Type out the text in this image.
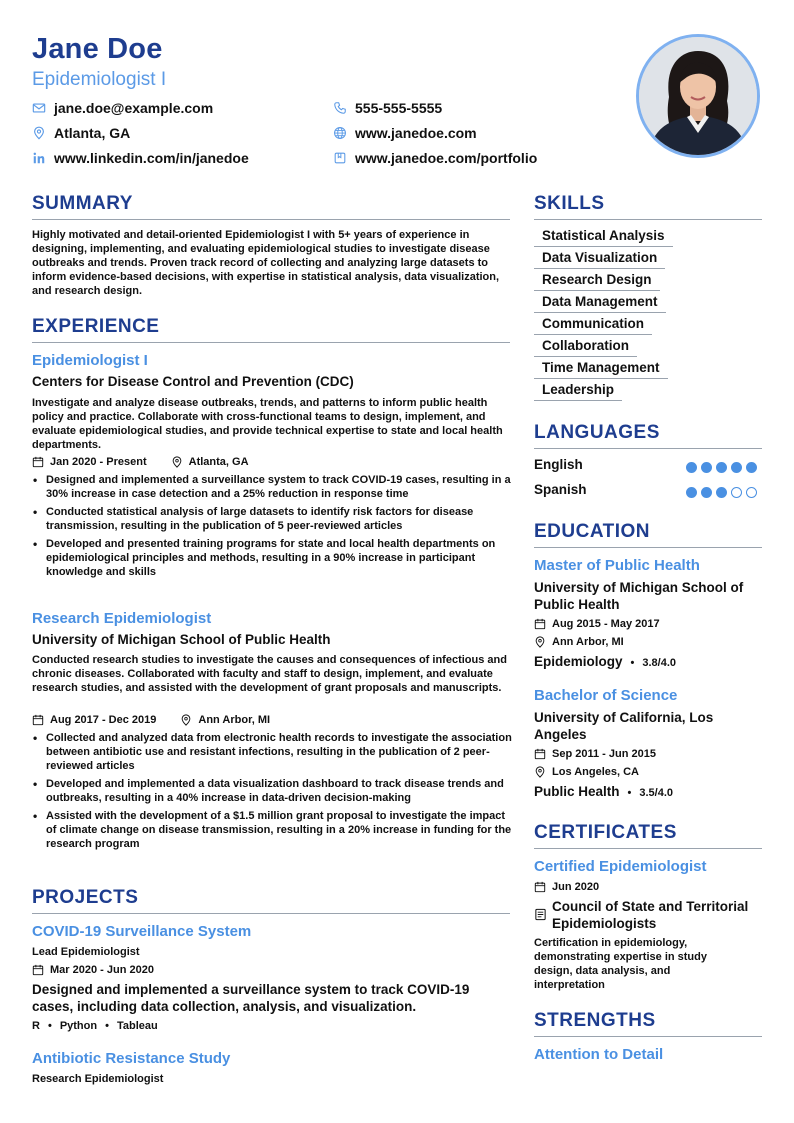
Jane Doe
Epidemiologist I
jane.doe@example.com	555-555-5555
Atlanta, GA	www.janedoe.com
www.linkedin.com/in/janedoe	www.janedoe.com/portfolio
SUMMARY

Highly motivated and detail-oriented Epidemiologist I with 5+ years of experience in designing, implementing, and evaluating epidemiological studies to investigate disease outbreaks and trends. Proven track record of collecting and analyzing large datasets to inform evidence-based decisions, with expertise in statistical analysis, data visualization, and research design.

EXPERIENCE
Epidemiologist I
Centers for Disease Control and Prevention (CDC)

Investigate and analyze disease outbreaks, trends, and patterns to inform public health policy and practice. Collaborate with cross-functional teams to design, implement, and evaluate epidemiological studies, and provide technical expertise to state and local health departments.

Jan 2020 - Present	Atlanta, GA
• Designed and implemented a surveillance system to track COVID-19 cases, resulting in a 30% increase in case detection and a 25% reduction in response time
• Conducted statistical analysis of large datasets to identify risk factors for disease transmission, resulting in the publication of 5 peer-reviewed articles
• Developed and presented training programs for state and local health departments on epidemiological principles and methods, resulting in a 90% increase in participant knowledge and skills
Research Epidemiologist
University of Michigan School of Public Health

Conducted research studies to investigate the causes and consequences of infectious and chronic diseases. Collaborated with faculty and staff to design, implement, and evaluate research studies, and assisted with the development of grant proposals and manuscripts.

Aug 2017 - Dec 2019	Ann Arbor, MI
• Collected and analyzed data from electronic health records to investigate the association between antibiotic use and resistant infections, resulting in the publication of 2 peer-reviewed articles
• Developed and implemented a data visualization dashboard to track disease trends and outbreaks, resulting in a 40% increase in data-driven decision-making
• Assisted with the development of a $1.5 million grant proposal to investigate the impact of climate change on disease transmission, resulting in a 20% increase in funding for the research program
PROJECTS
COVID-19 Surveillance System
Lead Epidemiologist
Mar 2020 - Jun 2020
Designed and implemented a surveillance system to track COVID-19 cases, including data collection, analysis, and visualization.
R • Python • Tableau
Antibiotic Resistance Study
Research Epidemiologist
SKILLS
Statistical Analysis
Data Visualization
Research Design
Data Management
Communication
Collaboration
Time Management
Leadership
LANGUAGES
English
Spanish
EDUCATION
Master of Public Health
University of Michigan School of Public Health
Aug 2015 - May 2017
Ann Arbor, MI
Epidemiology • 3.8/4.0
Bachelor of Science
University of California, Los Angeles
Sep 2011 - Jun 2015
Los Angeles, CA
Public Health • 3.5/4.0
CERTIFICATES
Certified Epidemiologist
Jun 2020
Council of State and Territorial Epidemiologists

Certification in epidemiology, demonstrating expertise in study design, data analysis, and interpretation

STRENGTHS
Attention to Detail
